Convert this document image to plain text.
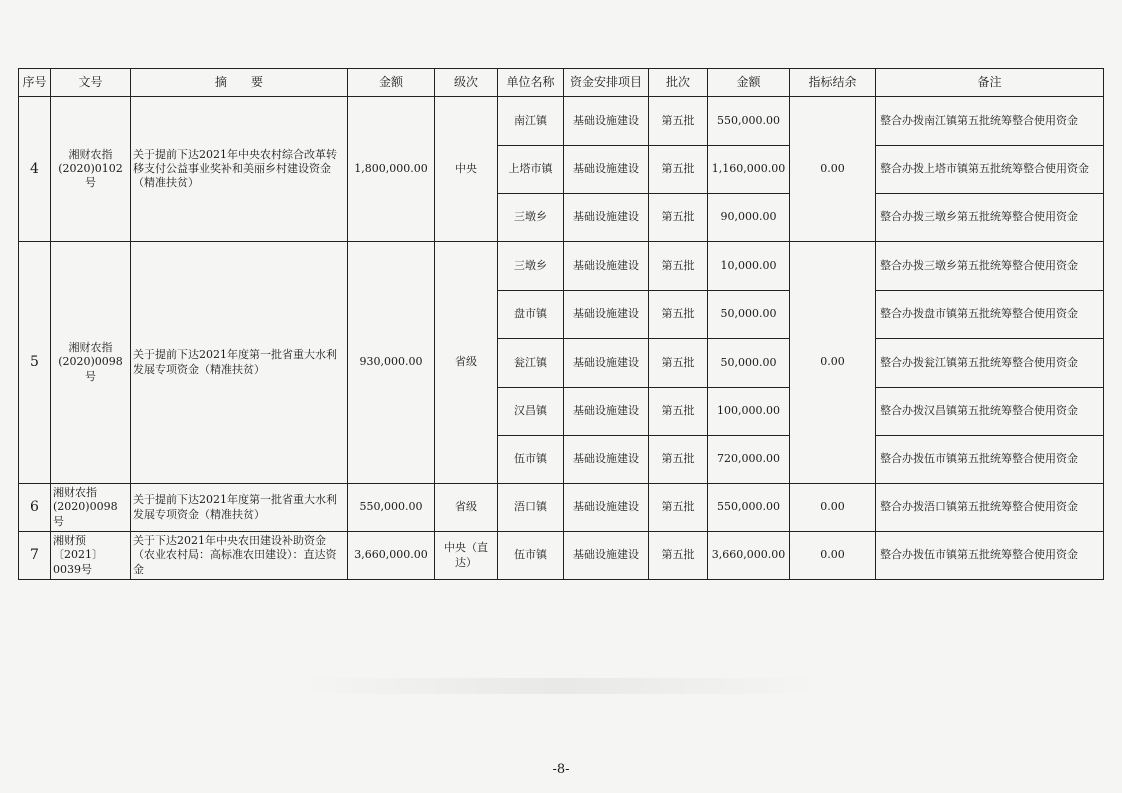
序号	文号	摘　　要	金额	级次	单位名称	资金安排项目	批次	金额	指标结余	备注
4	湘财农指(2020)0102号	关于提前下达2021年中央农村综合改革转移支付公益事业奖补和美丽乡村建设资金（精准扶贫）	1,800,000.00	中央	南江镇	基础设施建设	第五批	550,000.00	0.00	整合办拨南江镇第五批统筹整合使用资金
					上塔市镇	基础设施建设	第五批	1,160,000.00		整合办拨上塔市镇第五批统筹整合使用资金
					三墩乡	基础设施建设	第五批	90,000.00		整合办拨三墩乡第五批统筹整合使用资金
5	湘财农指(2020)0098号	关于提前下达2021年度第一批省重大水利发展专项资金（精准扶贫）	930,000.00	省级	三墩乡	基础设施建设	第五批	10,000.00	0.00	整合办拨三墩乡第五批统筹整合使用资金
					盘市镇	基础设施建设	第五批	50,000.00		整合办拨盘市镇第五批统筹整合使用资金
					瓮江镇	基础设施建设	第五批	50,000.00		整合办拨瓮江镇第五批统筹整合使用资金
					汉昌镇	基础设施建设	第五批	100,000.00		整合办拨汉昌镇第五批统筹整合使用资金
					伍市镇	基础设施建设	第五批	720,000.00		整合办拨伍市镇第五批统筹整合使用资金
6	湘财农指(2020)0098号	关于提前下达2021年度第一批省重大水利发展专项资金（精准扶贫）	550,000.00	省级	浯口镇	基础设施建设	第五批	550,000.00	0.00	整合办拨浯口镇第五批统筹整合使用资金
7	湘财预〔2021〕0039号	关于下达2021年中央农田建设补助资金（农业农村局：高标准农田建设）：直达资金	3,660,000.00	中央（直达）	伍市镇	基础设施建设	第五批	3,660,000.00	0.00	整合办拨伍市镇第五批统筹整合使用资金
-8-
